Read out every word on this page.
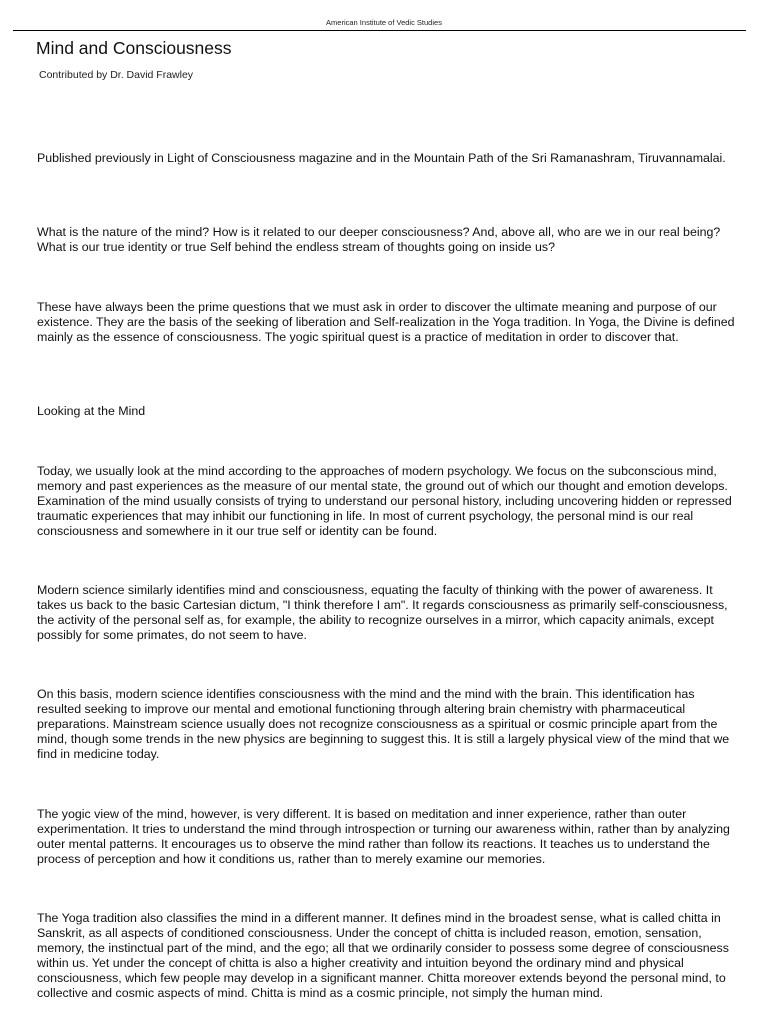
American Institute of Vedic Studies
Mind and Consciousness

Contributed by Dr. David Frawley

Published previously in Light of Consciousness magazine and in the Mountain Path of the Sri Ramanashram, Tiruvannamalai.

What is the nature of the mind? How is it related to our deeper consciousness? And, above all, who are we in our real being? What is our true identity or true Self behind the endless stream of thoughts going on inside us?

These have always been the prime questions that we must ask in order to discover the ultimate meaning and purpose of our existence. They are the basis of the seeking of liberation and Self-realization in the Yoga tradition. In Yoga, the Divine is defined mainly as the essence of consciousness. The yogic spiritual quest is a practice of meditation in order to discover that.

Looking at the Mind

Today, we usually look at the mind according to the approaches of modern psychology. We focus on the subconscious mind, memory and past experiences as the measure of our mental state, the ground out of which our thought and emotion develops. Examination of the mind usually consists of trying to understand our personal history, including uncovering hidden or repressed traumatic experiences that may inhibit our functioning in life. In most of current psychology, the personal mind is our real consciousness and somewhere in it our true self or identity can be found.

Modern science similarly identifies mind and consciousness, equating the faculty of thinking with the power of awareness. It takes us back to the basic Cartesian dictum, "I think therefore I am". It regards consciousness as primarily self-consciousness, the activity of the personal self as, for example, the ability to recognize ourselves in a mirror, which capacity animals, except possibly for some primates, do not seem to have.

On this basis, modern science identifies consciousness with the mind and the mind with the brain. This identification has resulted seeking to improve our mental and emotional functioning through altering brain chemistry with pharmaceutical preparations. Mainstream science usually does not recognize consciousness as a spiritual or cosmic principle apart from the mind, though some trends in the new physics are beginning to suggest this. It is still a largely physical view of the mind that we find in medicine today.

The yogic view of the mind, however, is very different. It is based on meditation and inner experience, rather than outer experimentation. It tries to understand the mind through introspection or turning our awareness within, rather than by analyzing outer mental patterns. It encourages us to observe the mind rather than follow its reactions. It teaches us to understand the process of perception and how it conditions us, rather than to merely examine our memories.

The Yoga tradition also classifies the mind in a different manner. It defines mind in the broadest sense, what is called chitta in Sanskrit, as all aspects of conditioned consciousness. Under the concept of chitta is included reason, emotion, sensation, memory, the instinctual part of the mind, and the ego; all that we ordinarily consider to possess some degree of consciousness within us. Yet under the concept of chitta is also a higher creativity and intuition beyond the ordinary mind and physical consciousness, which few people may develop in a significant manner. Chitta moreover extends beyond the personal mind, to collective and cosmic aspects of mind. Chitta is mind as a cosmic principle, not simply the human mind.
